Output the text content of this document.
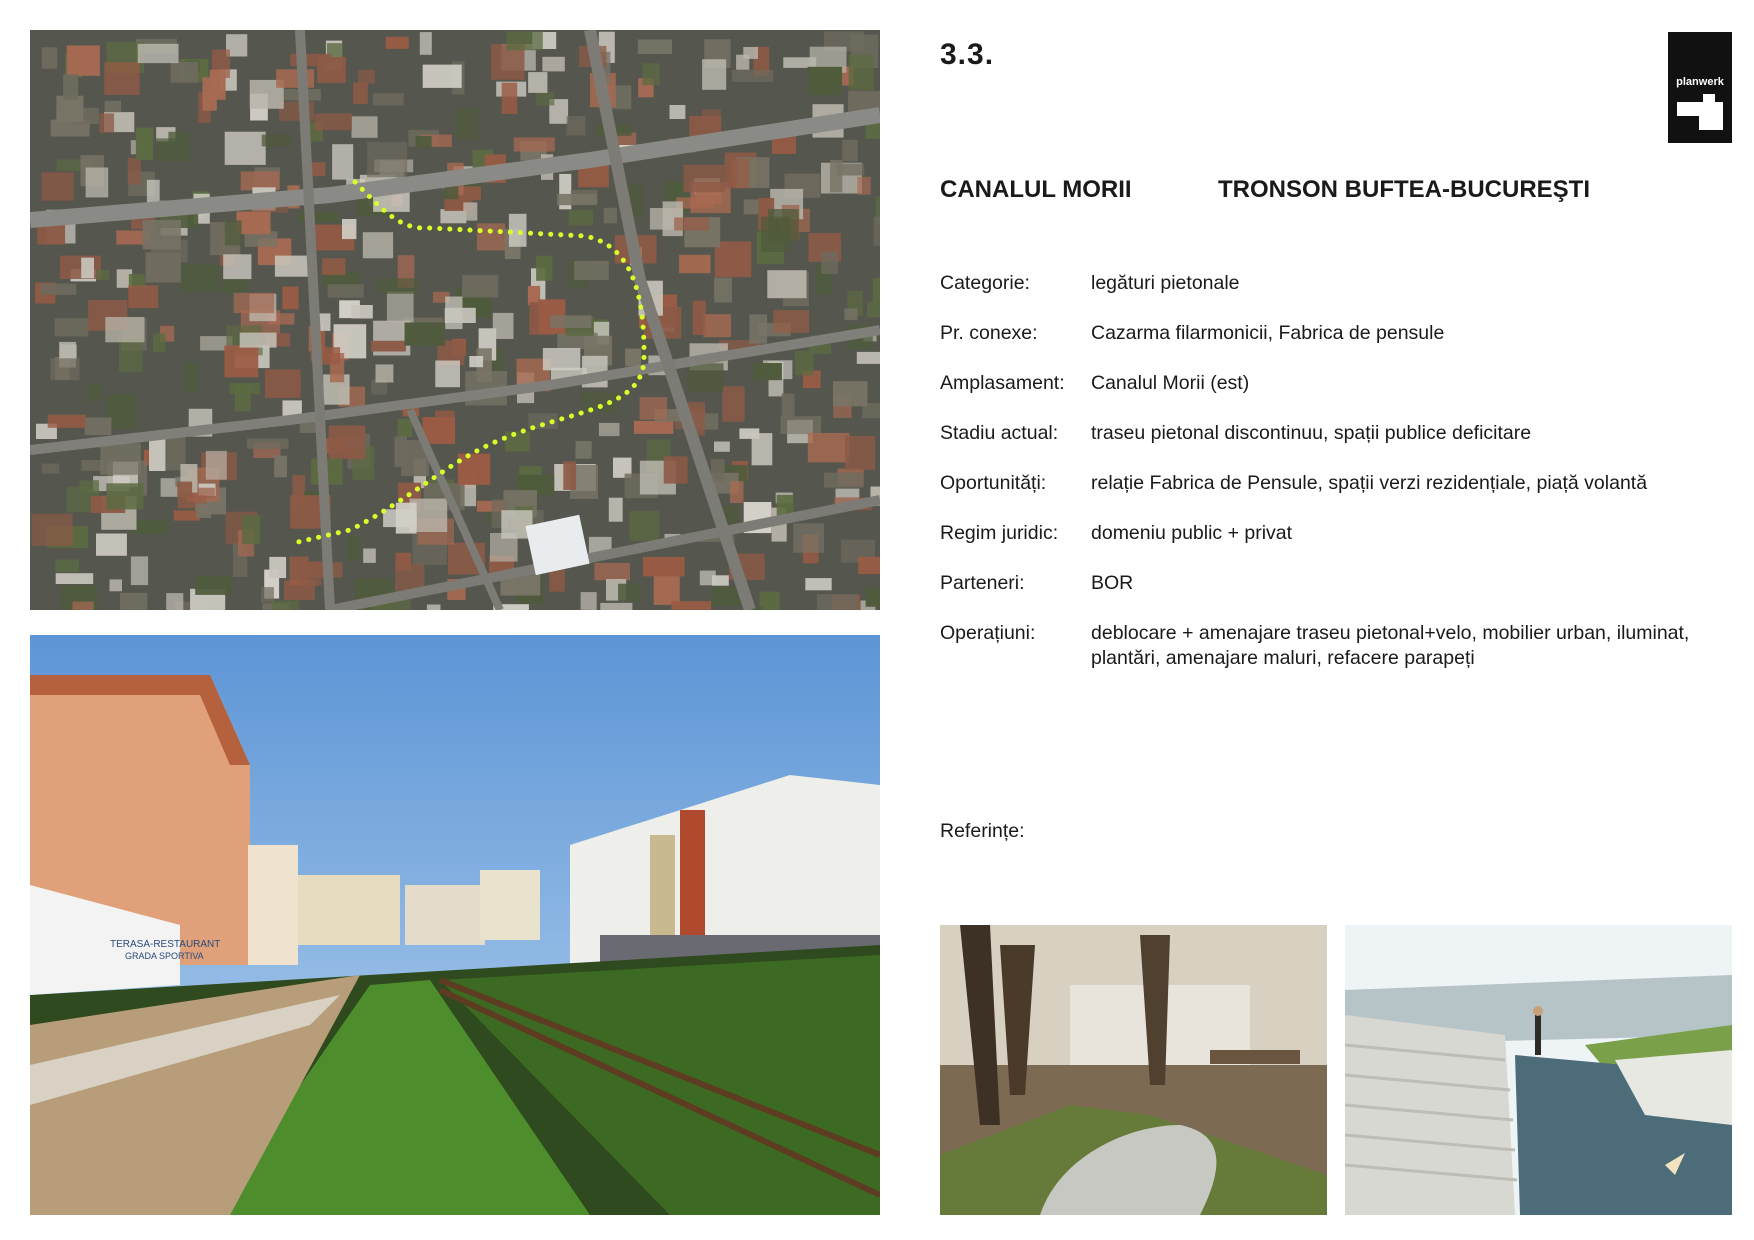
TERASA-RESTAURANT
GRADA SPORTIVA
3.3.
planwerk
CANALUL MORII	TRONSON BUFTEA-BUCUREŞTI
Categorie:	legături pietonale
Pr. conexe:	Cazarma filarmonicii, Fabrica de pensule
Amplasament:	Canalul Morii (est)
Stadiu actual:	traseu pietonal discontinuu, spații publice deficitare
Oportunități:	relație Fabrica de Pensule, spații verzi rezidențiale, piață volantă
Regim juridic:	domeniu public + privat
Parteneri:	BOR
Operațiuni:	deblocare + amenajare traseu pietonal+velo, mobilier urban, iluminat, plantări, amenajare maluri, refacere parapeți
Referințe:
